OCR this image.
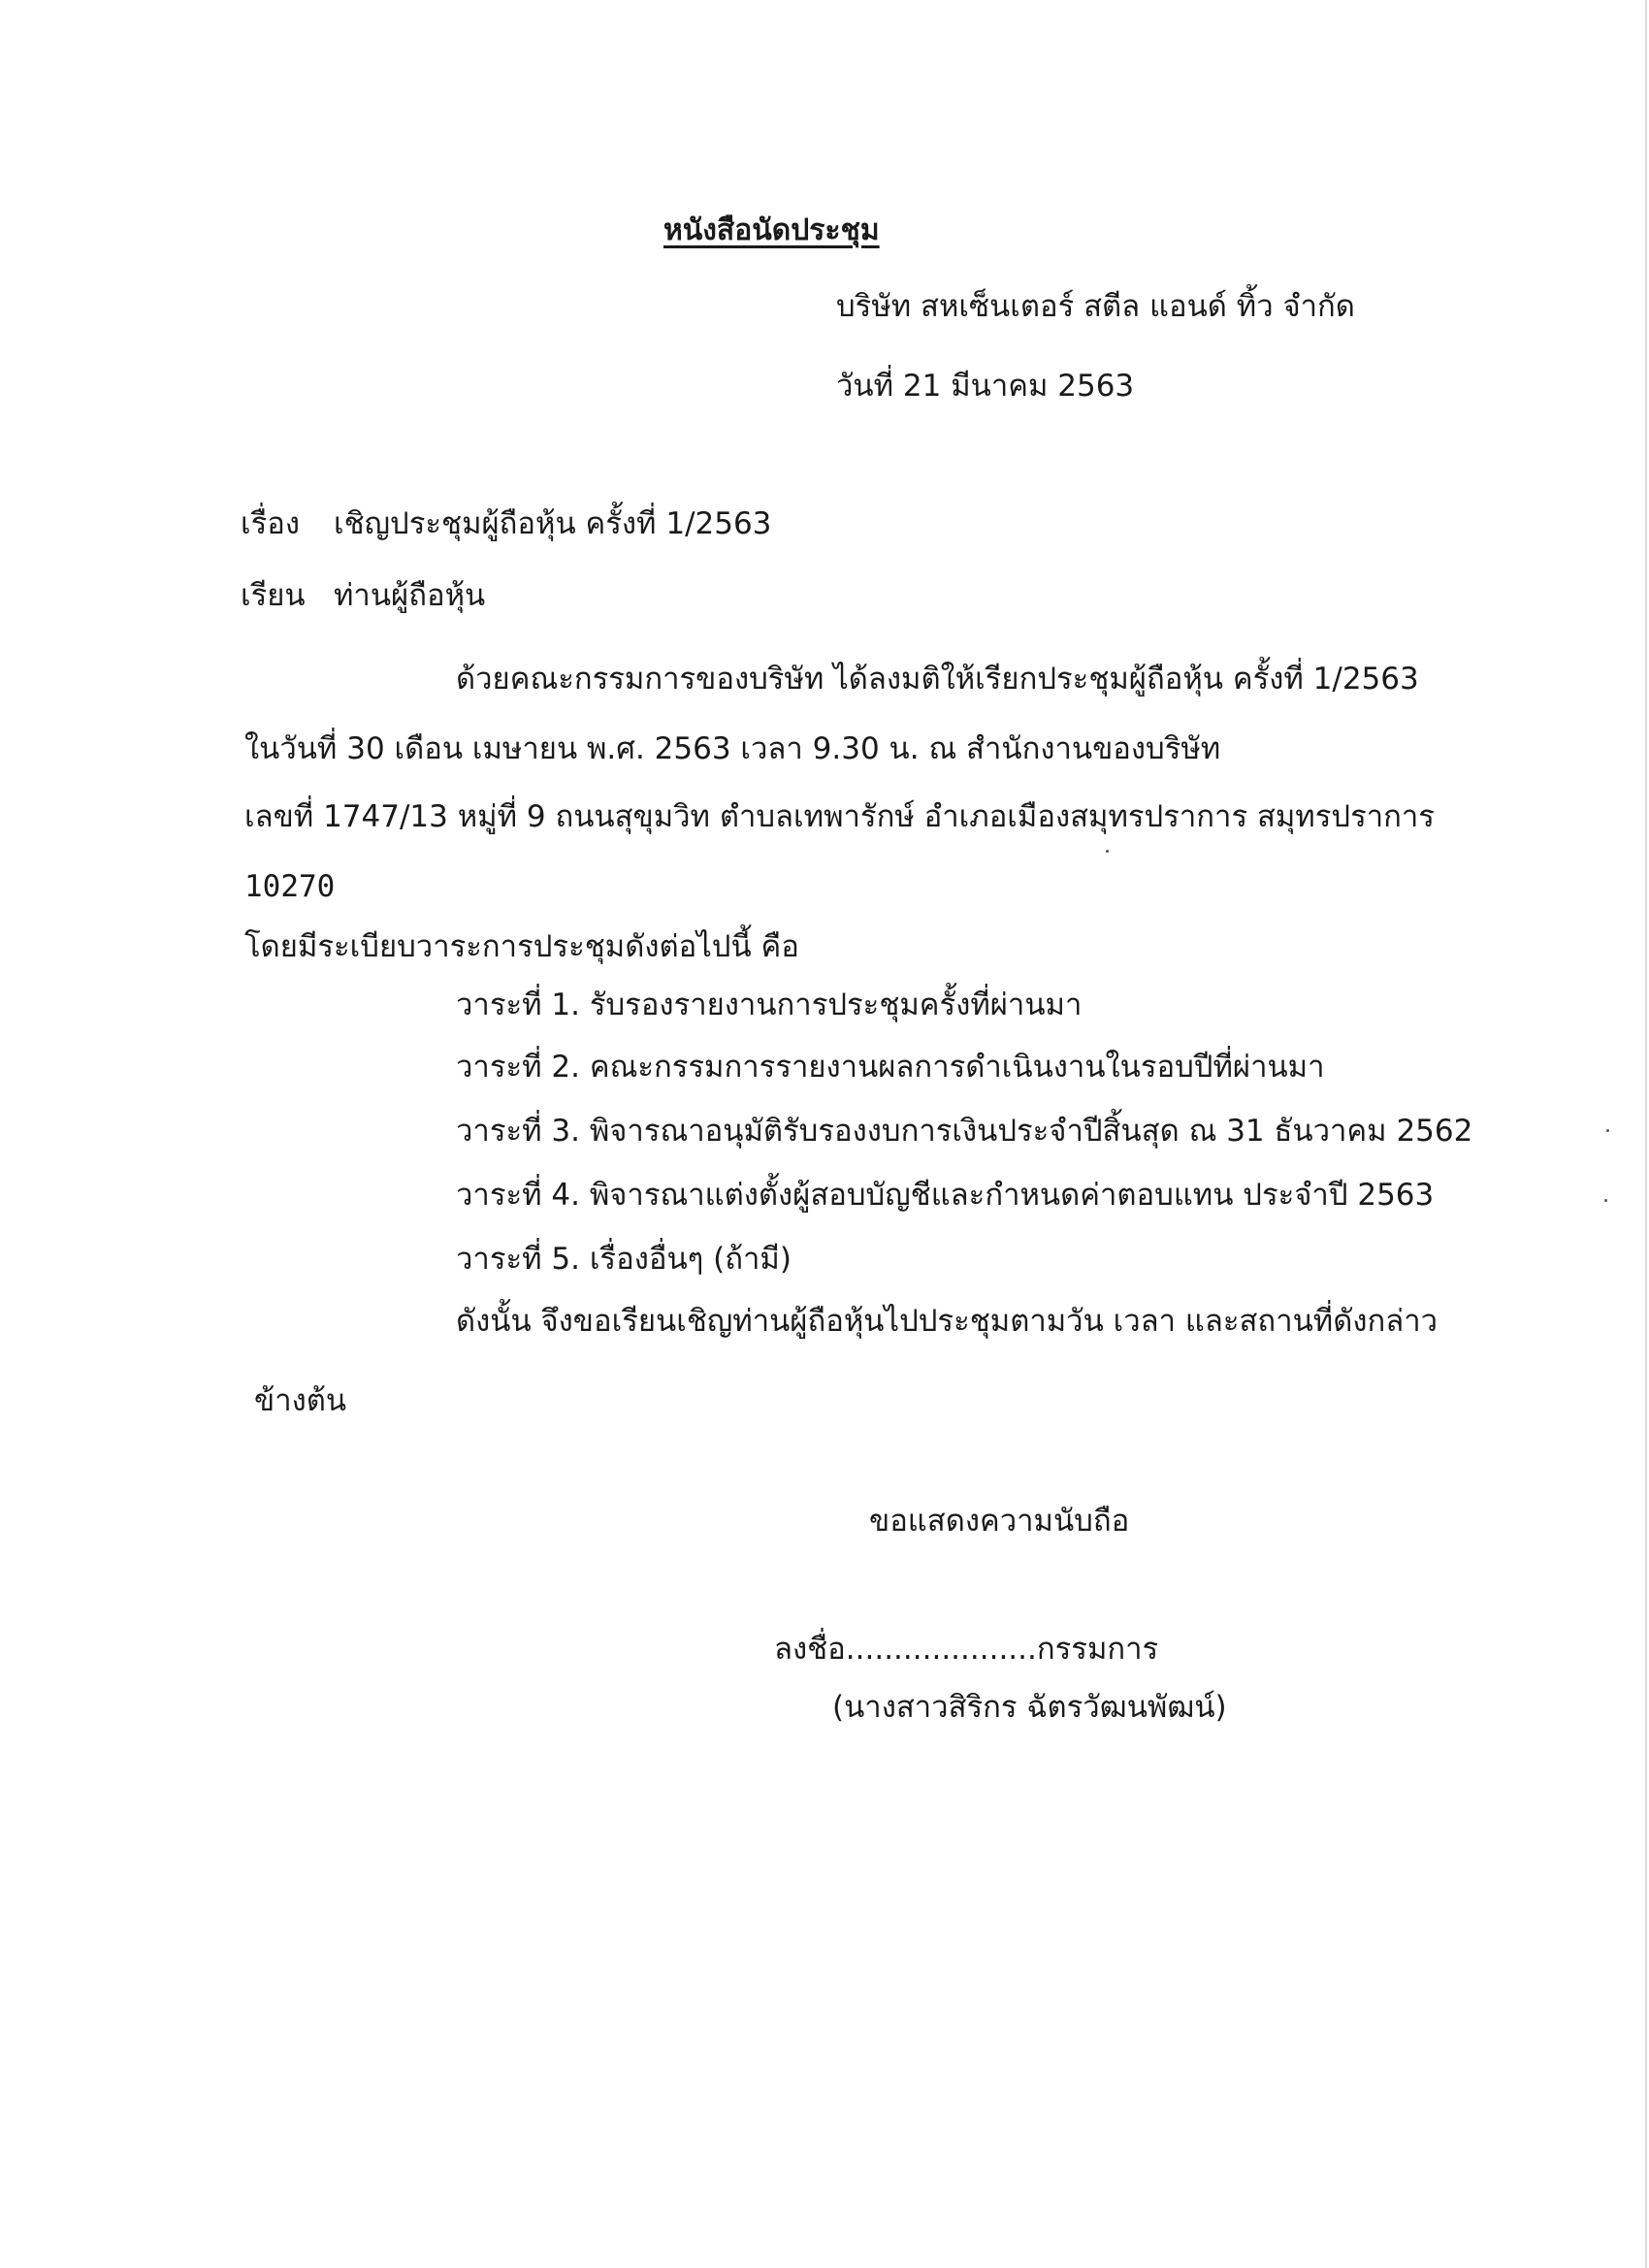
หนังสือนัดประชุม
บริษัท สหเซ็นเตอร์ สตีล แอนด์ ทิ้ว จำกัด
วันที่ 21 มีนาคม 2563
เรื่อง เชิญประชุมผู้ถือหุ้น ครั้งที่ 1/2563
เรียน ท่านผู้ถือหุ้น
ด้วยคณะกรรมการของบริษัท ได้ลงมติให้เรียกประชุมผู้ถือหุ้น ครั้งที่ 1/2563
ในวันที่ 30 เดือน เมษายน พ.ศ. 2563 เวลา 9.30 น. ณ สำนักงานของบริษัท
เลขที่ 1747/13 หมู่ที่ 9 ถนนสุขุมวิท ตำบลเทพารักษ์ อำเภอเมืองสมุทรปราการ สมุทรปราการ
10270
โดยมีระเบียบวาระการประชุมดังต่อไปนี้ คือ
วาระที่ 1. รับรองรายงานการประชุมครั้งที่ผ่านมา
วาระที่ 2. คณะกรรมการรายงานผลการดำเนินงานในรอบปีที่ผ่านมา
วาระที่ 3. พิจารณาอนุมัติรับรองงบการเงินประจำปีสิ้นสุด ณ 31 ธันวาคม 2562
วาระที่ 4. พิจารณาแต่งตั้งผู้สอบบัญชีและกำหนดค่าตอบแทน ประจำปี 2563
วาระที่ 5. เรื่องอื่นๆ (ถ้ามี)
ดังนั้น จึงขอเรียนเชิญท่านผู้ถือหุ้นไปประชุมตามวัน เวลา และสถานที่ดังกล่าว
ข้างต้น
ขอแสดงความนับถือ
ลงชื่อ....................กรรมการ
(นางสาวสิริกร ฉัตรวัฒนพัฒน์)
